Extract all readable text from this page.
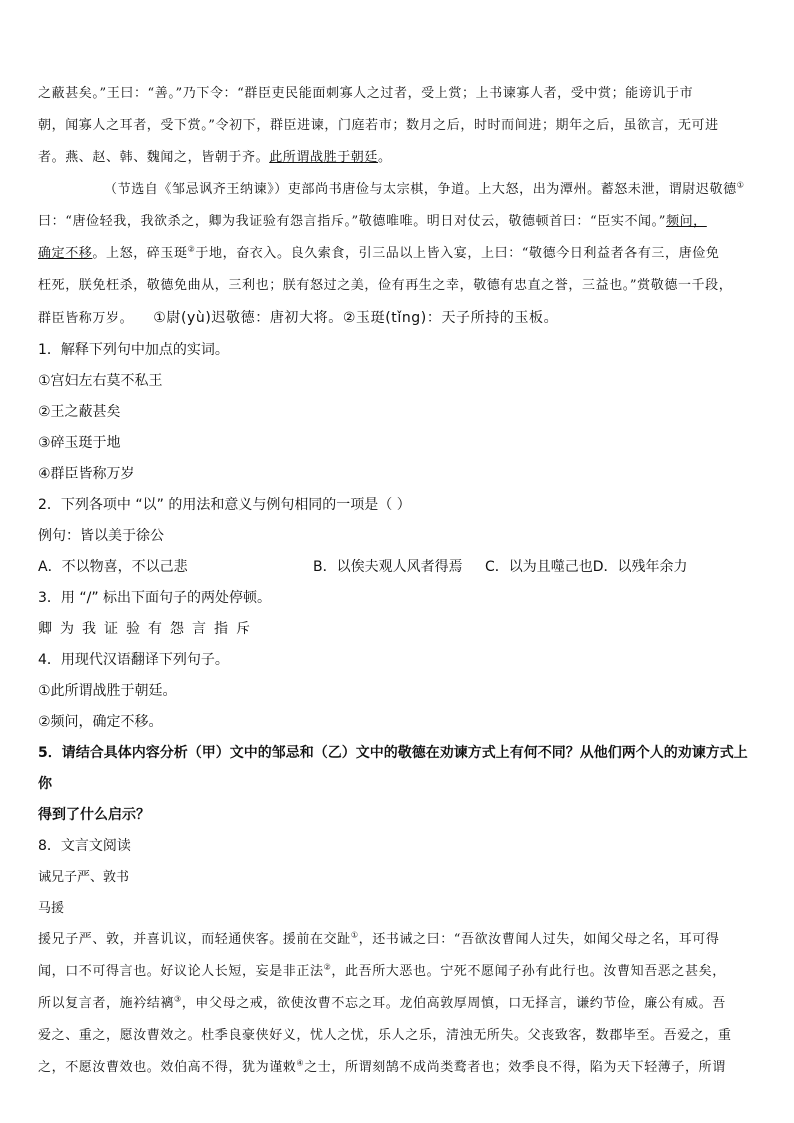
之蔽甚矣。”王曰：“善。”乃下令：“群臣吏民能面刺寡人之过者，受上赏；上书谏寡人者，受中赏；能谤讥于市

朝，闻寡人之耳者，受下赏。”令初下，群臣进谏，门庭若市；数月之后，时时而间进；期年之后，虽欲言，无可进

者。燕、赵、韩、魏闻之，皆朝于齐。此所谓战胜于朝廷。

（节选自《邹忌讽齐王纳谏》）吏部尚书唐俭与太宗棋，争道。上大怒，出为潭州。蓄怒未泄，谓尉迟敬德①

曰：“唐俭轻我，我欲杀之，卿为我证验有怨言指斥。”敬德唯唯。明日对仗云，敬德顿首曰：“臣实不闻。”频问，

确定不移。上怒，碎玉珽②于地，奋衣入。良久索食，引三品以上皆入宴，上曰：“敬德今日利益者各有三，唐俭免

枉死，朕免枉杀，敬德免曲从，三利也；朕有怒过之美，俭有再生之幸，敬德有忠直之誉，三益也。”赏敬德一千段，

群臣皆称万岁。 ①尉(yù)迟敬德：唐初大将。②玉珽(tǐng)：天子所持的玉板。

1．解释下列句中加点的实词。

①宫妇左右莫不私王

②王之蔽甚矣

③碎玉珽于地

④群臣皆称万岁

2．下列各项中 “以” 的用法和意义与例句相同的一项是（ ）

例句：皆以美于徐公

A．不以物喜，不以己悲	B．以俟夫观人风者得焉	C．以为且噬己也 D．以残年余力

3．用 “/” 标出下面句子的两处停顿。

卿为我证验有怨言指斥

4．用现代汉语翻译下列句子。

①此所谓战胜于朝廷。

②频问，确定不移。

5．请结合具体内容分析（甲）文中的邹忌和（乙）文中的敬德在劝谏方式上有何不同？从他们两个人的劝谏方式上你

得到了什么启示？

8．文言文阅读

诫兄子严、敦书

马援

援兄子严、敦，并喜讥议，而轻通侠客。援前在交趾①，还书诫之曰：“吾欲汝曹闻人过失，如闻父母之名，耳可得

闻，口不可得言也。好议论人长短，妄是非正法②，此吾所大恶也。宁死不愿闻子孙有此行也。汝曹知吾恶之甚矣，

所以复言者，施衿结褵③，申父母之戒，欲使汝曹不忘之耳。龙伯高敦厚周慎，口无择言，谦约节俭，廉公有威。吾

爱之、重之，愿汝曹效之。杜季良豪侠好义，忧人之忧，乐人之乐，清浊无所失。父丧致客，数郡毕至。吾爱之，重

之，不愿汝曹效也。效伯高不得，犹为谨敕④之士，所谓刻鹄不成尚类鹜者也；效季良不得，陷为天下轻薄子，所谓
